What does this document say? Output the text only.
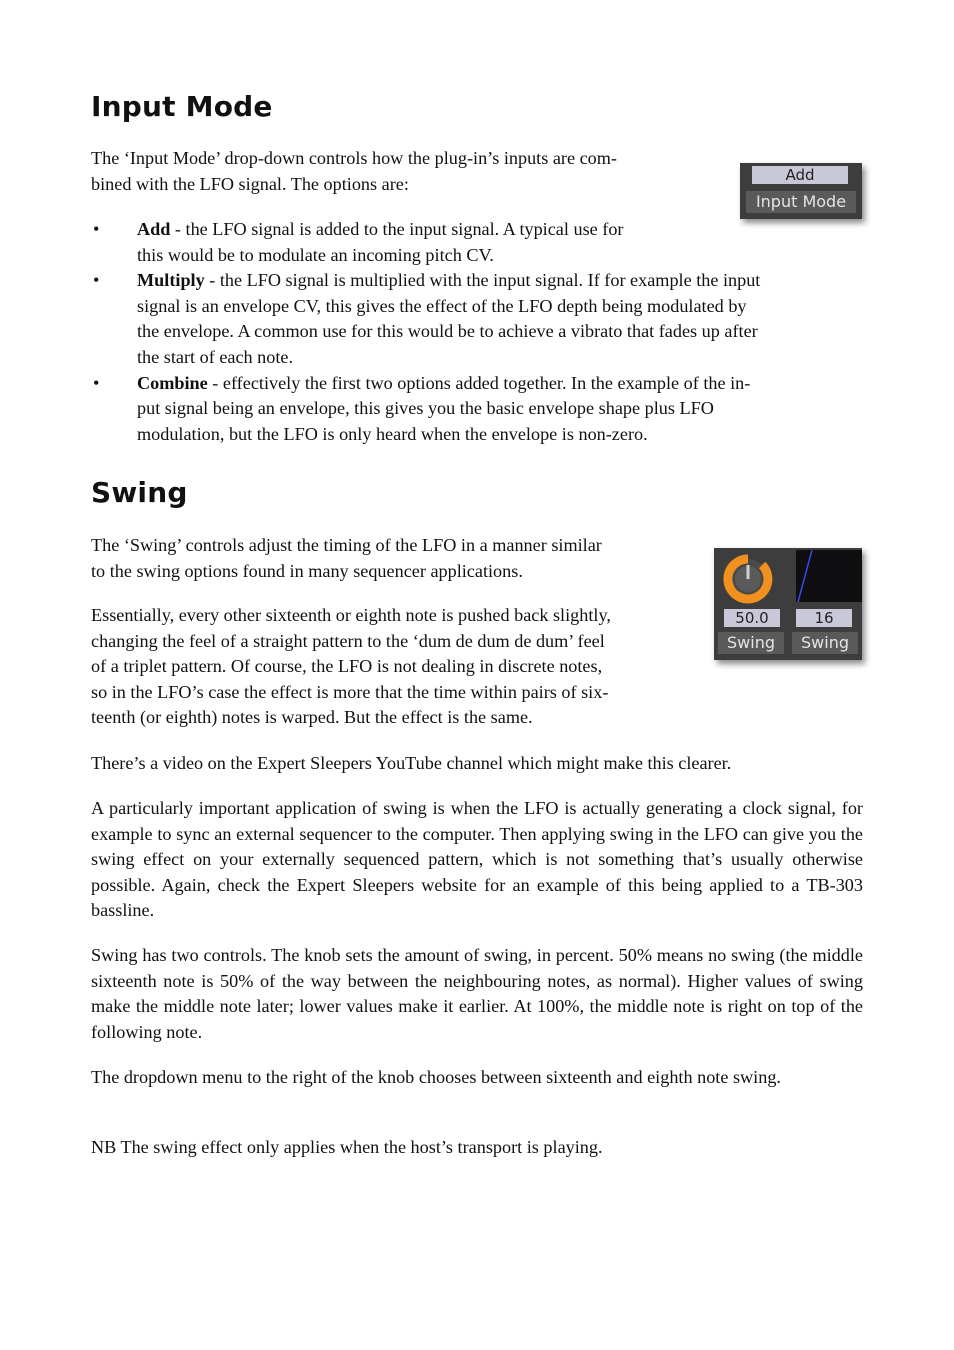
Input Mode

The ‘Input Mode’ drop-down controls how the plug-in’s inputs are com-

bined with the LFO signal. The options are:

• Add - the LFO signal is added to the input signal. A typical use for
this would be to modulate an incoming pitch CV.
• Multiply - the LFO signal is multiplied with the input signal. If for example the input
signal is an envelope CV, this gives the effect of the LFO depth being modulated by
the envelope. A common use for this would be to achieve a vibrato that fades up after
the start of each note.
• Combine - effectively the first two options added together. In the example of the in-
put signal being an envelope, this gives you the basic envelope shape plus LFO
modulation, but the LFO is only heard when the envelope is non-zero.
Swing

The ‘Swing’ controls adjust the timing of the LFO in a manner similar

to the swing options found in many sequencer applications.

Essentially, every other sixteenth or eighth note is pushed back slightly,

changing the feel of a straight pattern to the ‘dum de dum de dum’ feel

of a triplet pattern. Of course, the LFO is not dealing in discrete notes,

so in the LFO’s case the effect is more that the time within pairs of six-

teenth (or eighth) notes is warped. But the effect is the same.

There’s a video on the Expert Sleepers YouTube channel which might make this clearer.

A particularly important application of swing is when the LFO is actually generating a clock signal, for example to sync an external sequencer to the computer. Then applying swing in the LFO can give you the swing effect on your externally sequenced pattern, which is not something that’s usually otherwise possible. Again, check the Expert Sleepers website for an example of this being applied to a TB-303 bassline.

Swing has two controls. The knob sets the amount of swing, in percent. 50% means no swing (the middle sixteenth note is 50% of the way between the neighbouring notes, as normal). Higher values of swing make the middle note later; lower values make it earlier. At 100%, the middle note is right on top of the following note.

The dropdown menu to the right of the knob chooses between sixteenth and eighth note swing.

NB The swing effect only applies when the host’s transport is playing.

Add
Input Mode
50.0	16
Swing	Swing
